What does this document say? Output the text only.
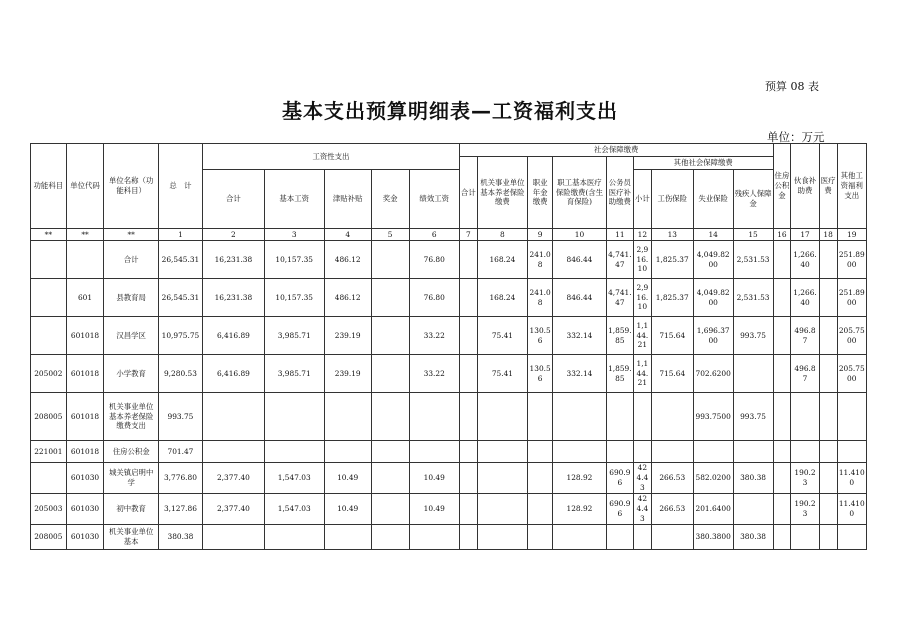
预算 08 表
基本支出预算明细表—工资福利支出
单位：万元
功能科目	单位代码	单位名称（功能科目）	总　计	工资性支出					社会保障缴费									住房公积金	伙食补助费	医疗费	其他工资福利支出
									合计	机关事业单位基本养老保险缴费	职业年金缴费	职工基本医疗保险缴费(含生育保险)	公务员医疗补助缴费	其他社会保障缴费							
				合计	基本工资	津贴补贴	奖金	绩效工资						小计	工伤保险	失业保险	残疾人保障金				
**	**	**	1	2	3	4	5	6	7	8	9	10	11	12	13	14	15	16	17	18	19
		合计	26,545.31	16,231.38	10,157.35	486.12		76.80		168.24	241.08	846.44	4,741.47	2,916.10	1,825.37	4,049.8200	2,531.53		1,266.40		251.8900
	601	县教育局	26,545.31	16,231.38	10,157.35	486.12		76.80		168.24	241.08	846.44	4,741.47	2,916.10	1,825.37	4,049.8200	2,531.53		1,266.40		251.8900
	601018	汉昌学区	10,975.75	6,416.89	3,985.71	239.19		33.22		75.41	130.56	332.14	1,859.85	1,144.21	715.64	1,696.3700	993.75		496.87		205.7500
205002	601018	小学教育	9,280.53	6,416.89	3,985.71	239.19		33.22		75.41	130.56	332.14	1,859.85	1,144.21	715.64	702.6200			496.87		205.7500
208005	601018	机关事业单位基本养老保险缴费支出	993.75													993.7500	993.75				
221001	601018	住房公积金	701.47																		
	601030	城关镇启明中学	3,776.80	2,377.40	1,547.03	10.49		10.49				128.92	690.96	424.43	266.53	582.0200	380.38		190.23		11.4100
205003	601030	初中教育	3,127.86	2,377.40	1,547.03	10.49		10.49				128.92	690.96	424.43	266.53	201.6400			190.23		11.4100
208005	601030	机关事业单位基本	380.38													380.3800	380.38				
